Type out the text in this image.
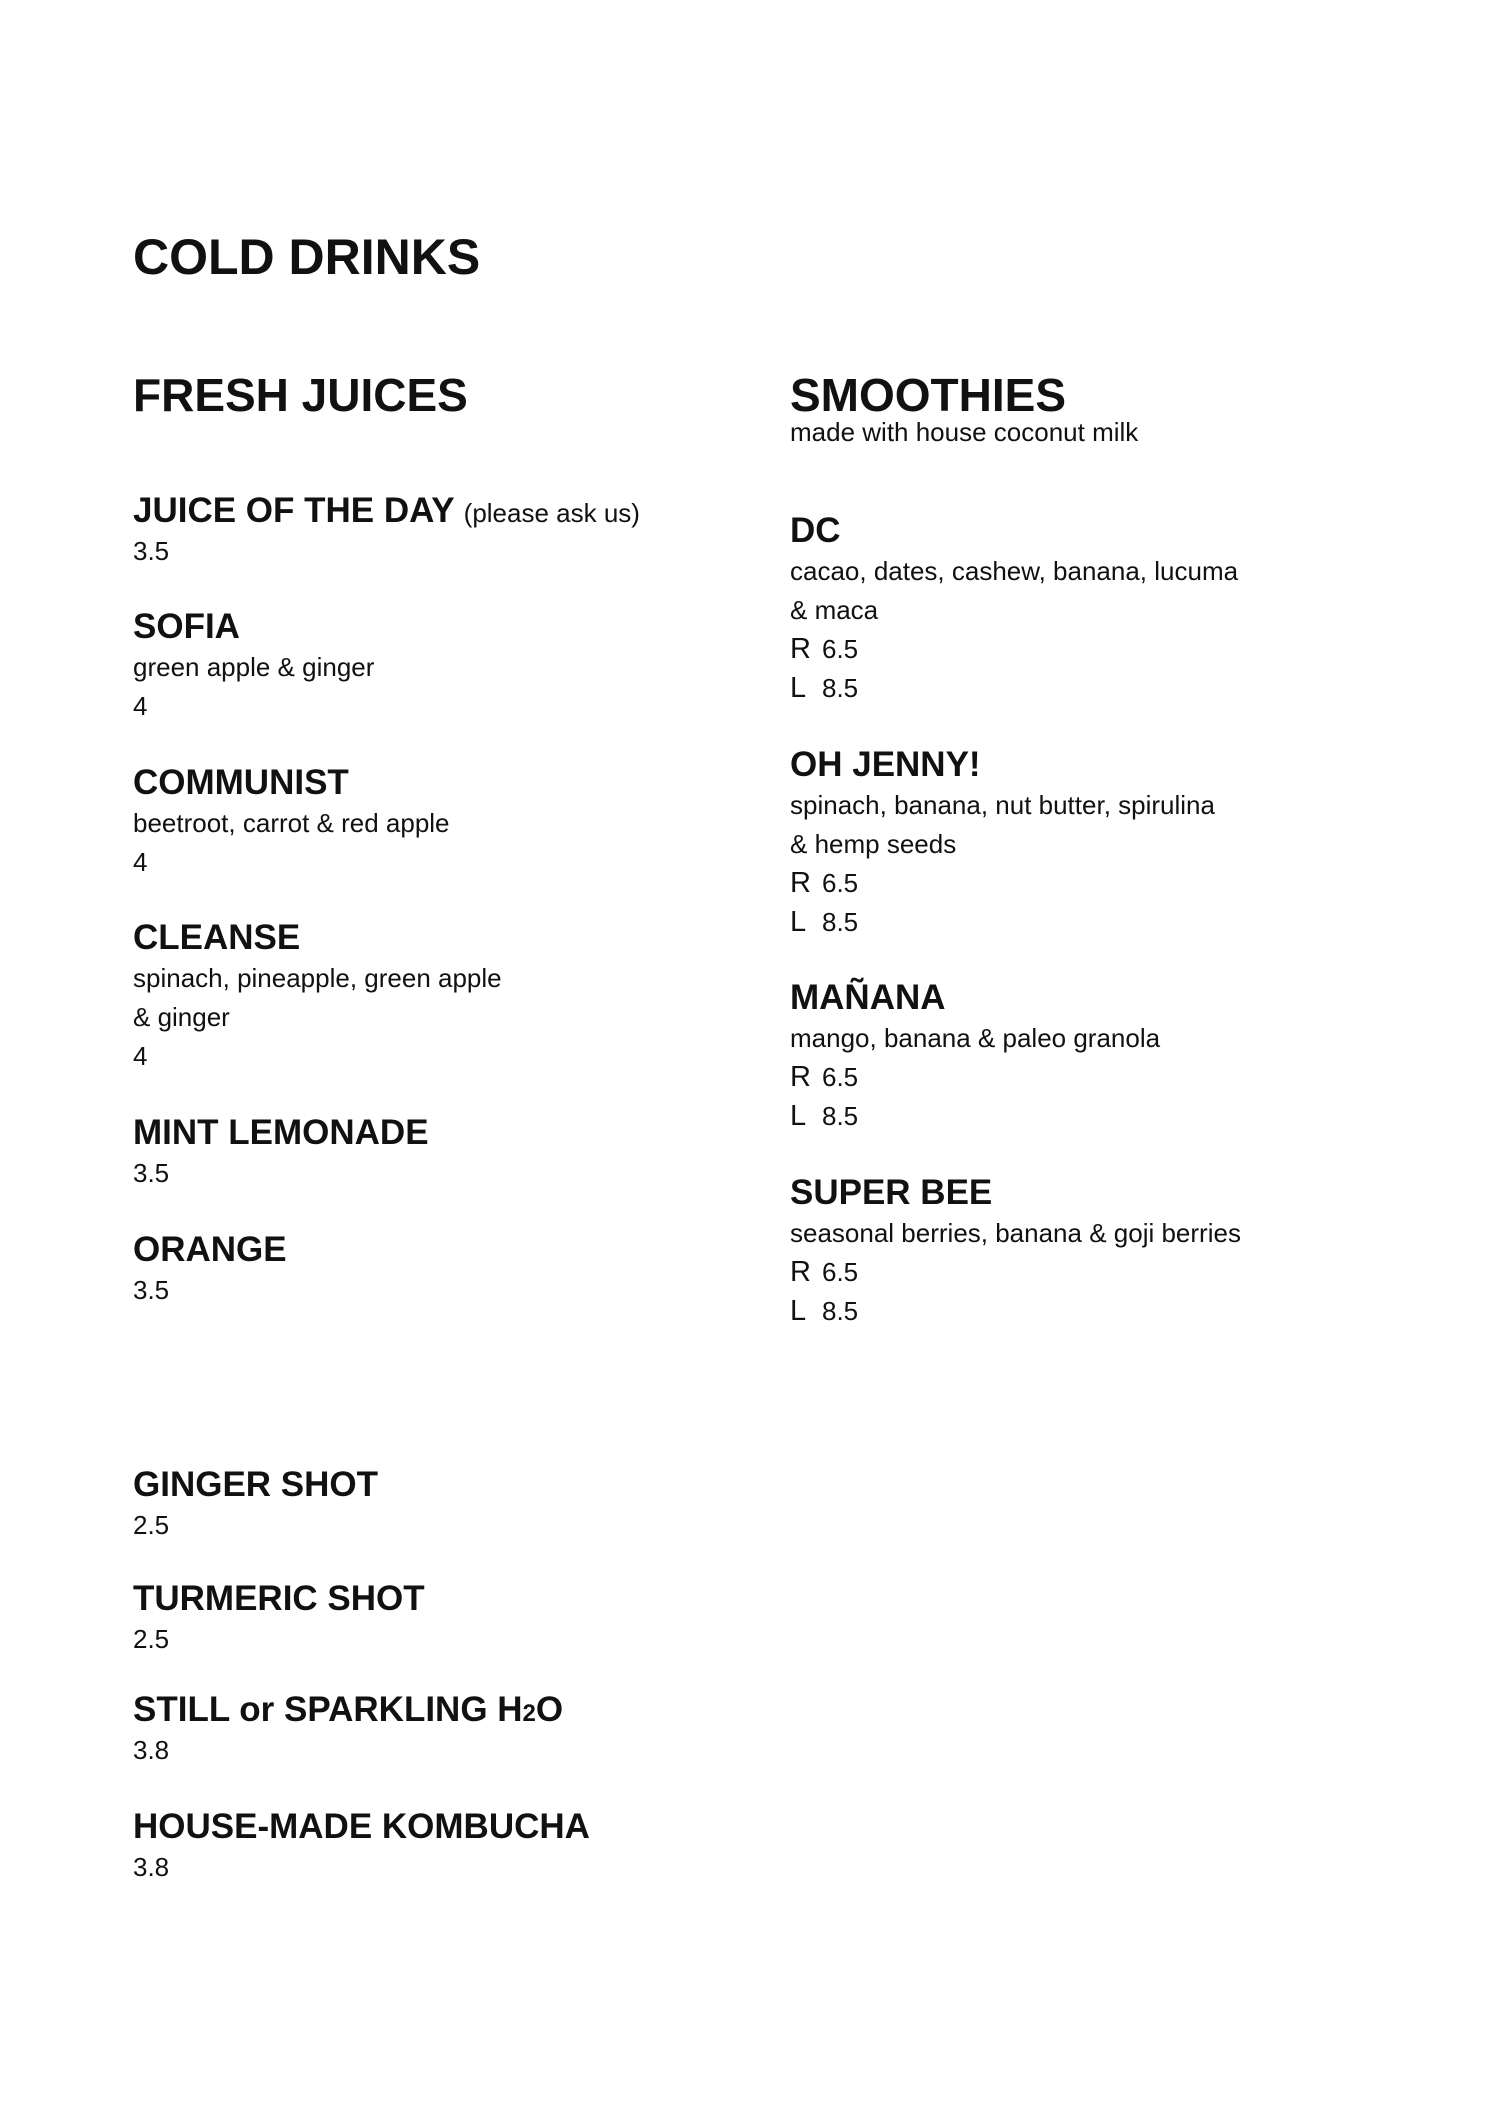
COLD DRINKS
FRESH JUICES
JUICE OF THE DAY (please ask us)
3.5
SOFIA
green apple & ginger
4
COMMUNIST
beetroot, carrot & red apple
4
CLEANSE
spinach, pineapple, green apple
& ginger
4
MINT LEMONADE
3.5
ORANGE
3.5
SMOOTHIES
made with house coconut milk
DC
cacao, dates, cashew, banana, lucuma
& maca
R 6.5
L 8.5
OH JENNY!
spinach, banana, nut butter, spirulina
& hemp seeds
R 6.5
L 8.5
MAÑANA
mango, banana & paleo granola
R 6.5
L 8.5
SUPER BEE
seasonal berries, banana & goji berries
R 6.5
L 8.5
GINGER SHOT
2.5
TURMERIC SHOT
2.5
STILL or SPARKLING H2O
3.8
HOUSE-MADE KOMBUCHA
3.8
